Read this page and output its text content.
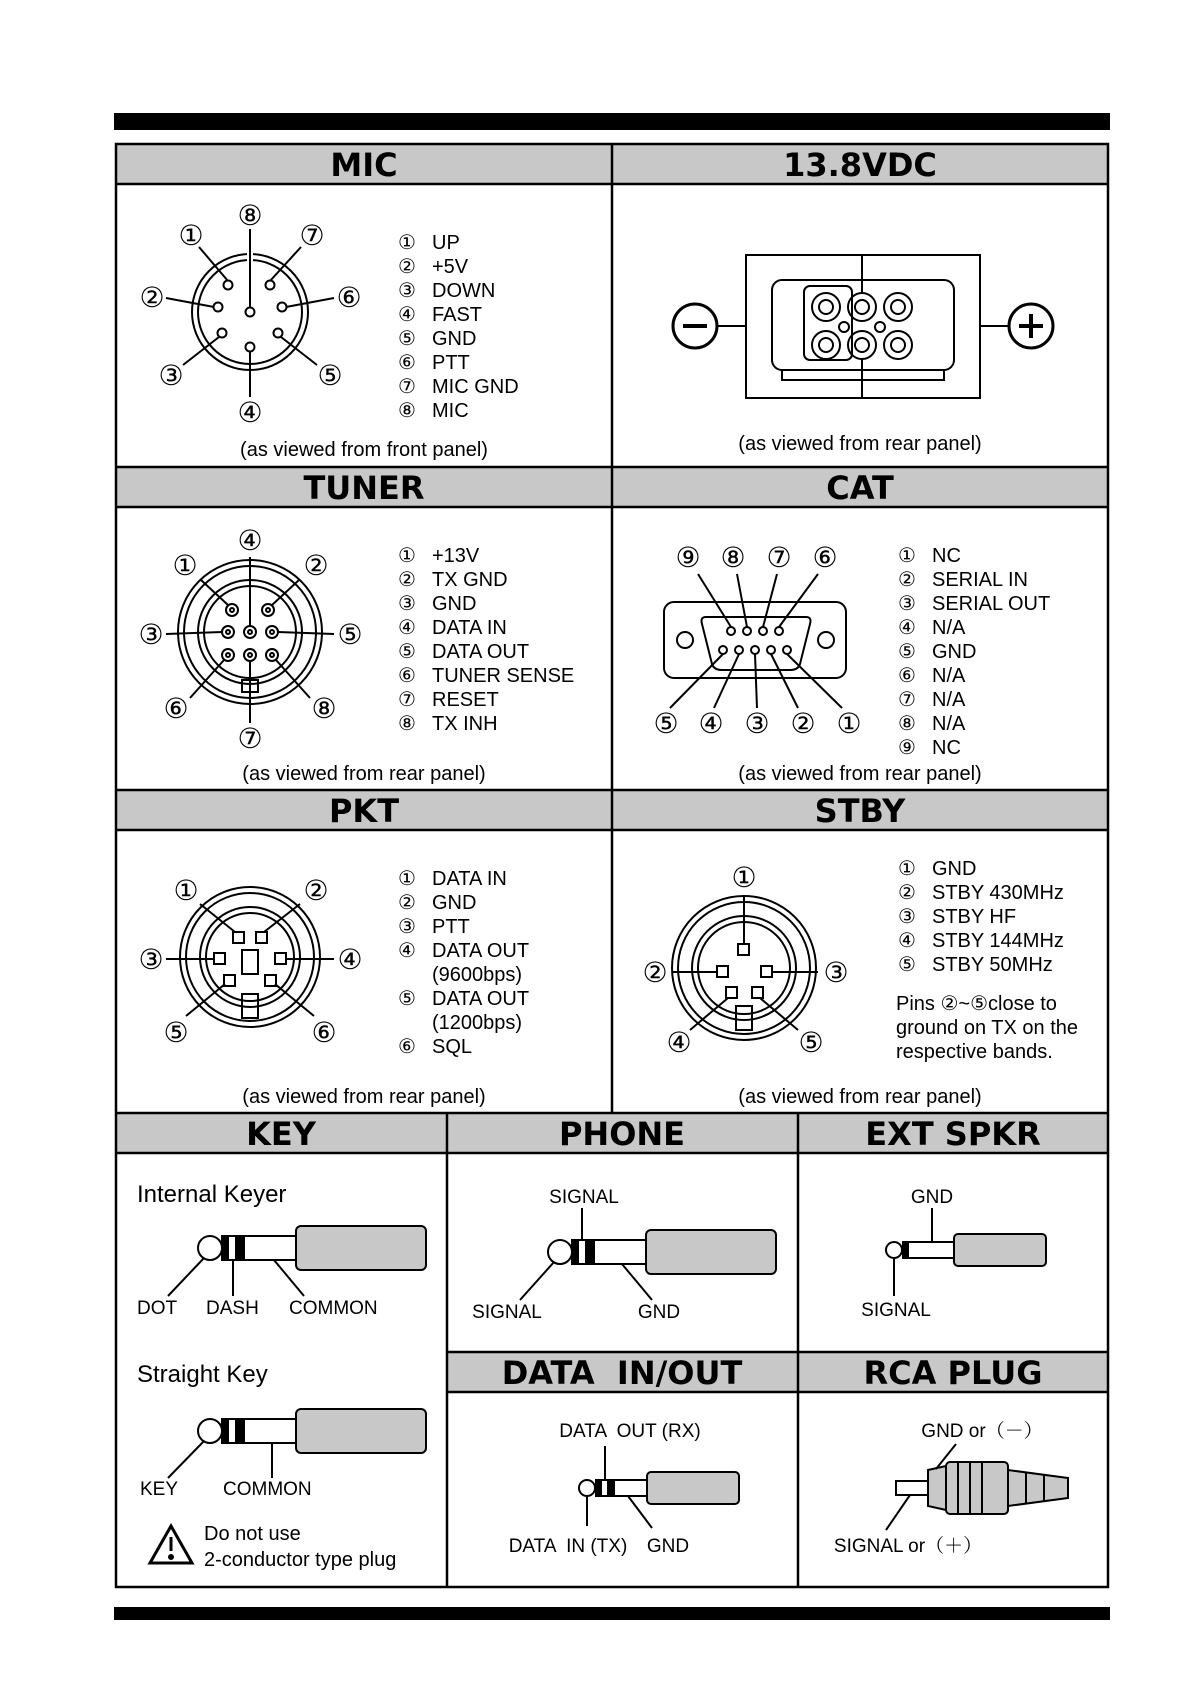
MIC	13.8VDC
TUNER	CAT
PKT	STBY
KEY	PHONE	EXT SPKR
DATA  IN/OUT	RCA PLUG
①
②
③
④
⑤
⑥
⑦
⑧
① UP
② +5V
③ DOWN
④ FAST
⑤ GND
⑥ PTT
⑦ MIC GND
⑧ MIC
(as viewed from front panel)	(as viewed from rear panel)
①	②
③
④
⑤
⑥
⑦
⑧
① +13V
② TX GND
③ GND
④ DATA IN
⑤ DATA OUT
⑥ TUNER SENSE
⑦ RESET
⑧ TX INH
(as viewed from rear panel)
⑨ ⑧ ⑦ ⑥
⑤ ④ ③ ② ①
① NC
② SERIAL IN
③ SERIAL OUT
④ N/A
⑤ GND
⑥ N/A
⑦ N/A
⑧ N/A
⑨ NC
(as viewed from rear panel)
①	②
③	④
⑤	⑥
① DATA IN
② GND
③ PTT
④ DATA OUT
(9600bps)
⑤ DATA OUT
(1200bps)
⑥ SQL
(as viewed from rear panel)
①
②	③
④	⑤
① GND
② STBY 430MHz
③ STBY HF
④ STBY 144MHz
⑤ STBY 50MHz
Pins ②~⑤close to
ground on TX on the
respective bands.
(as viewed from rear panel)
Internal Keyer
DOT DASH COMMON
Straight Key
KEY COMMON
Do not use
2-conductor type plug
SIGNAL
SIGNAL	GND
GND
SIGNAL
DATA  OUT (RX)
DATA  IN (TX) GND
GND or（－）
SIGNAL or（＋）
